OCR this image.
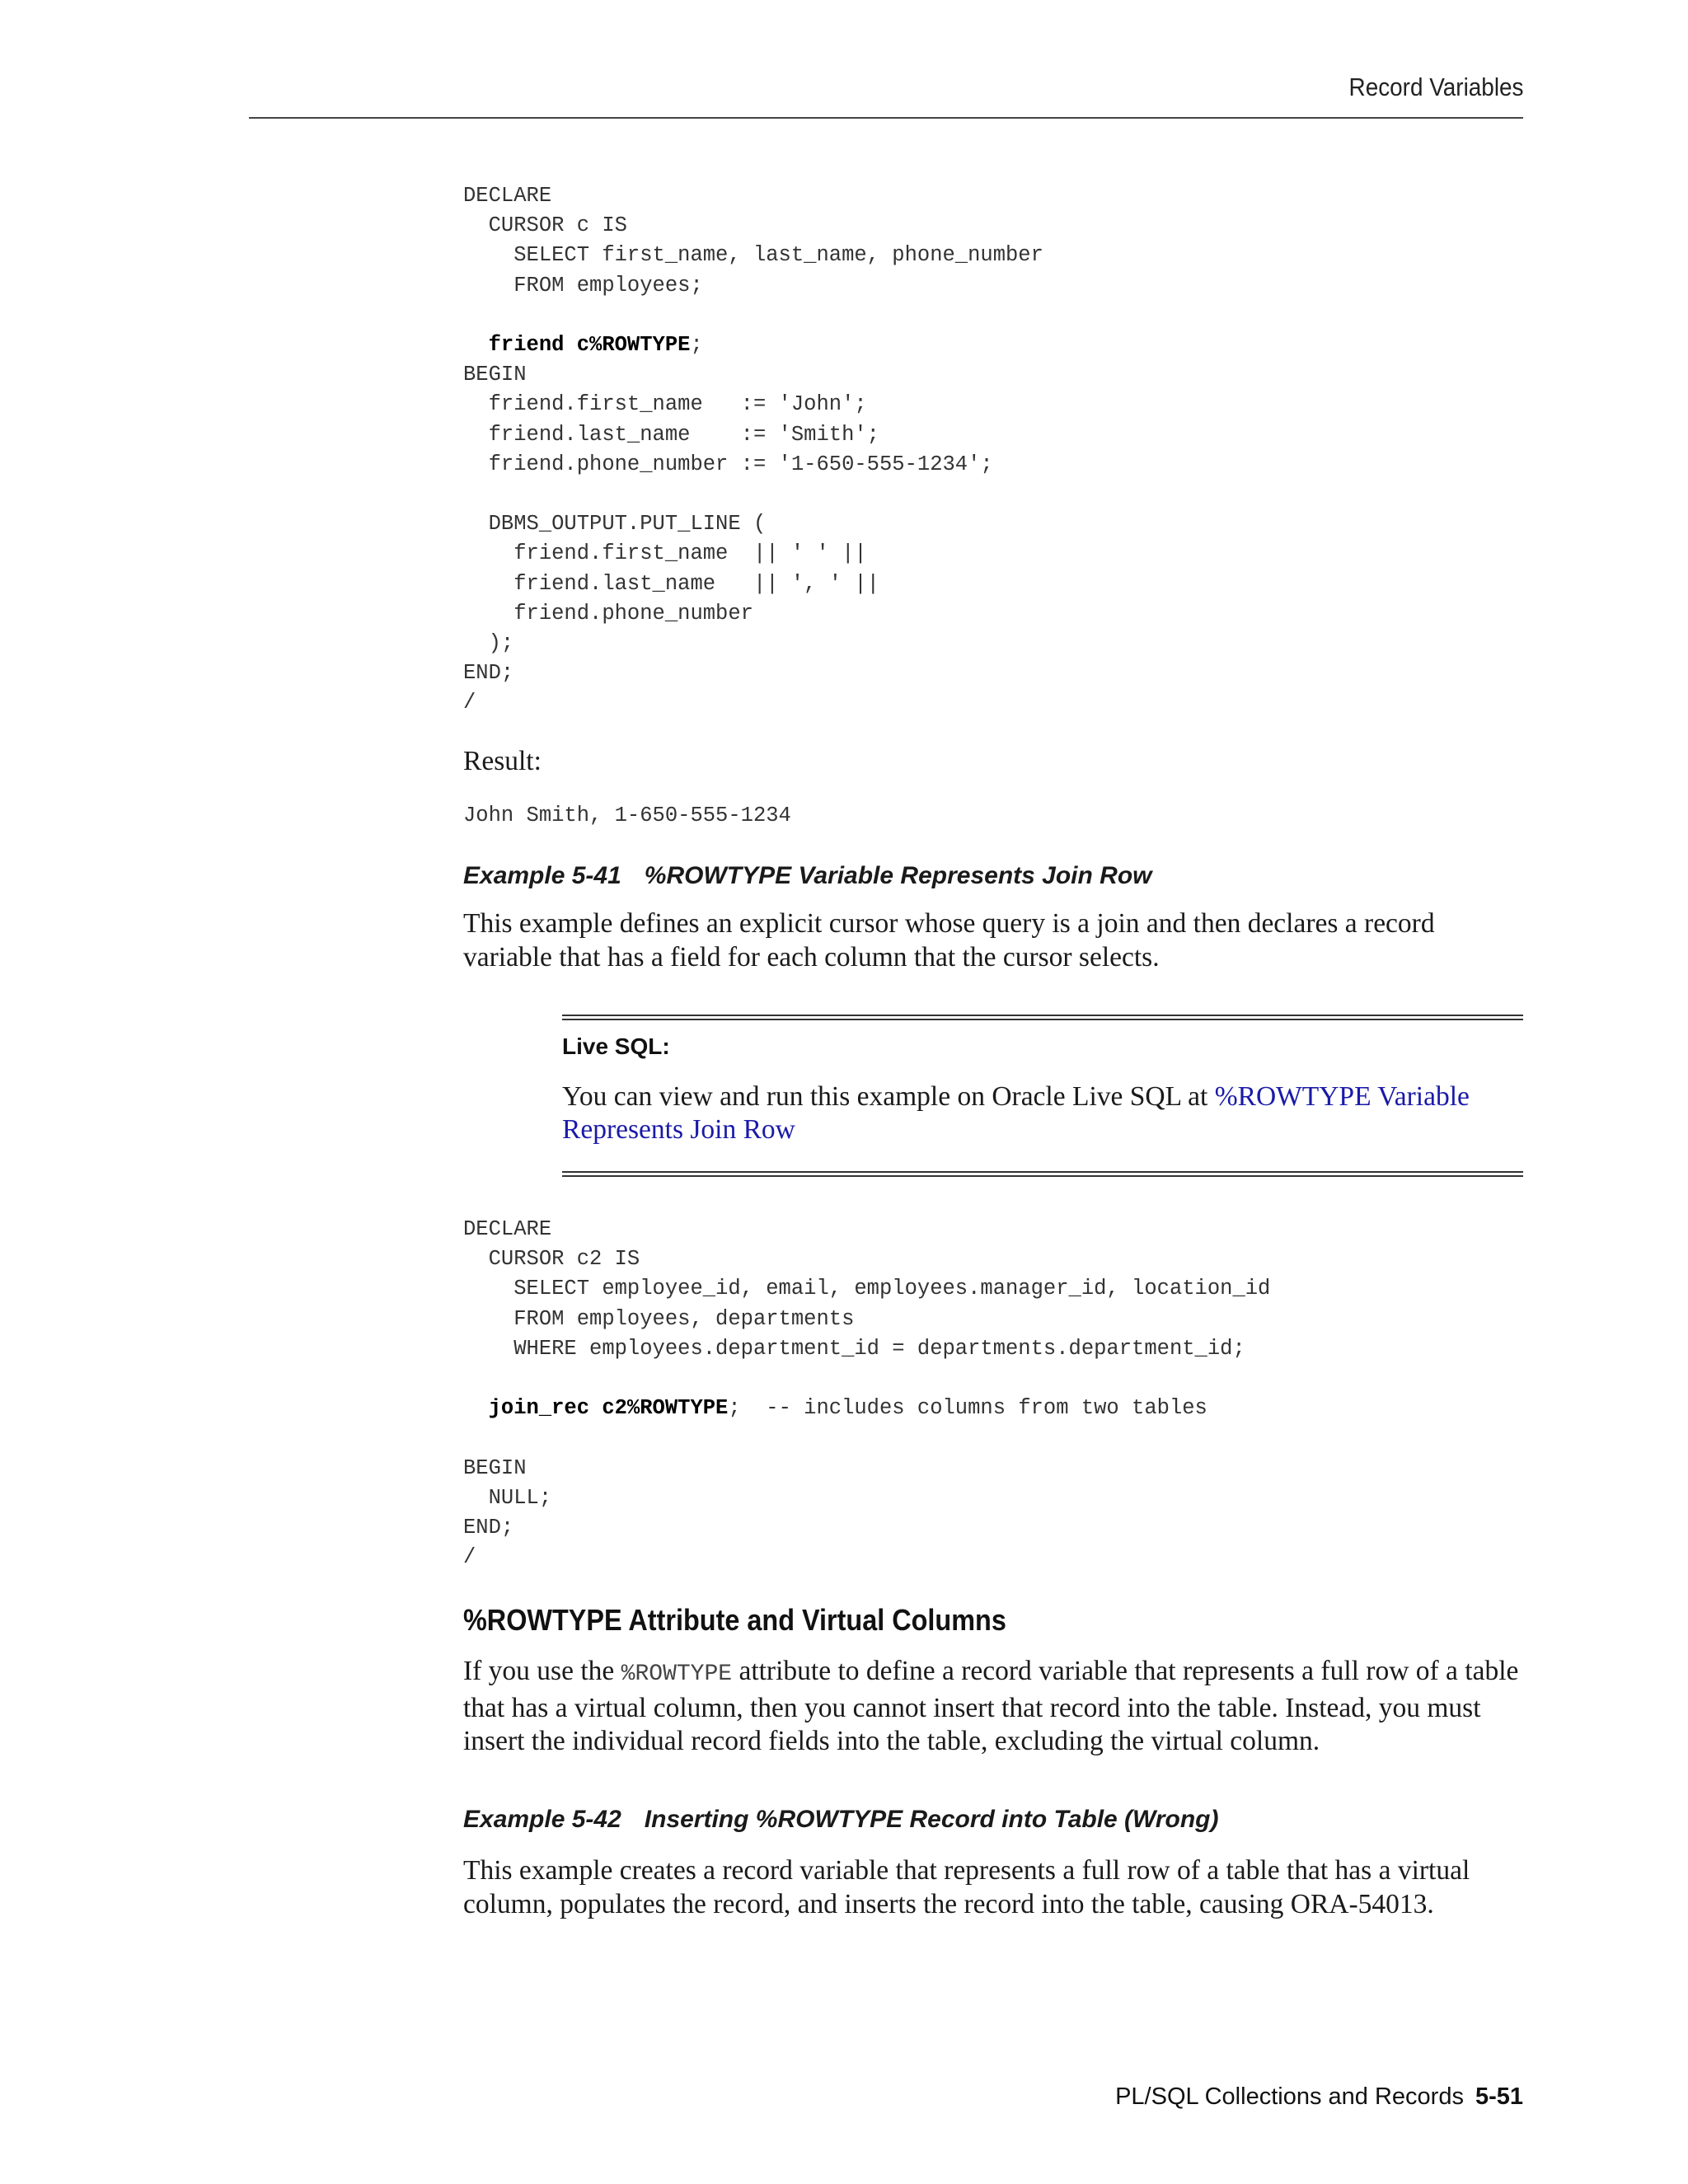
Record Variables
DECLARE
CURSOR c IS
SELECT first_name, last_name, phone_number
FROM employees;

friend c%ROWTYPE;
BEGIN
friend.first_name   := 'John';
friend.last_name    := 'Smith';
friend.phone_number := '1-650-555-1234';

DBMS_OUTPUT.PUT_LINE (
friend.first_name  || ' ' ||
friend.last_name   || ', ' ||
friend.phone_number
);
END;
/

Result:

John Smith, 1-650-555-1234

Example 5-41 %ROWTYPE Variable Represents Join Row

This example defines an explicit cursor whose query is a join and then declares a record variable that has a field for each column that the cursor selects.

Live SQL:

You can view and run this example on Oracle Live SQL at %ROWTYPE Variable Represents Join Row

DECLARE
CURSOR c2 IS
SELECT employee_id, email, employees.manager_id, location_id
FROM employees, departments
WHERE employees.department_id = departments.department_id;

join_rec c2%ROWTYPE;  -- includes columns from two tables

BEGIN
NULL;
END;
/
%ROWTYPE Attribute and Virtual Columns

If you use the %ROWTYPE attribute to define a record variable that represents a full row of a table that has a virtual column, then you cannot insert that record into the table. Instead, you must insert the individual record fields into the table, excluding the virtual column.

Example 5-42 Inserting %ROWTYPE Record into Table (Wrong)

This example creates a record variable that represents a full row of a table that has a virtual column, populates the record, and inserts the record into the table, causing ORA-54013.

PL/SQL Collections and Records 5-51
